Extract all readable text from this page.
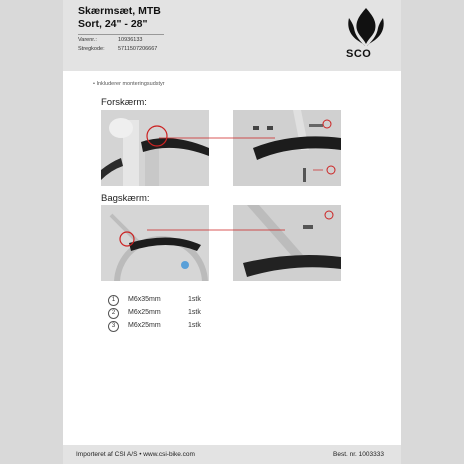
Skærmsæt, MTB
Sort, 24" - 28"
Varenr.:	10936133
Stregkode: 5711507206667	SCO
• Inkluderer monteringsudstyr
Forskærm:
Bagskærm:
1	M6x35mm	1stk
2	M6x25mm	1stk
3	M6x25mm	1stk
Importeret af CSI A/S • www.csi-bike.com	Best. nr. 1003333
